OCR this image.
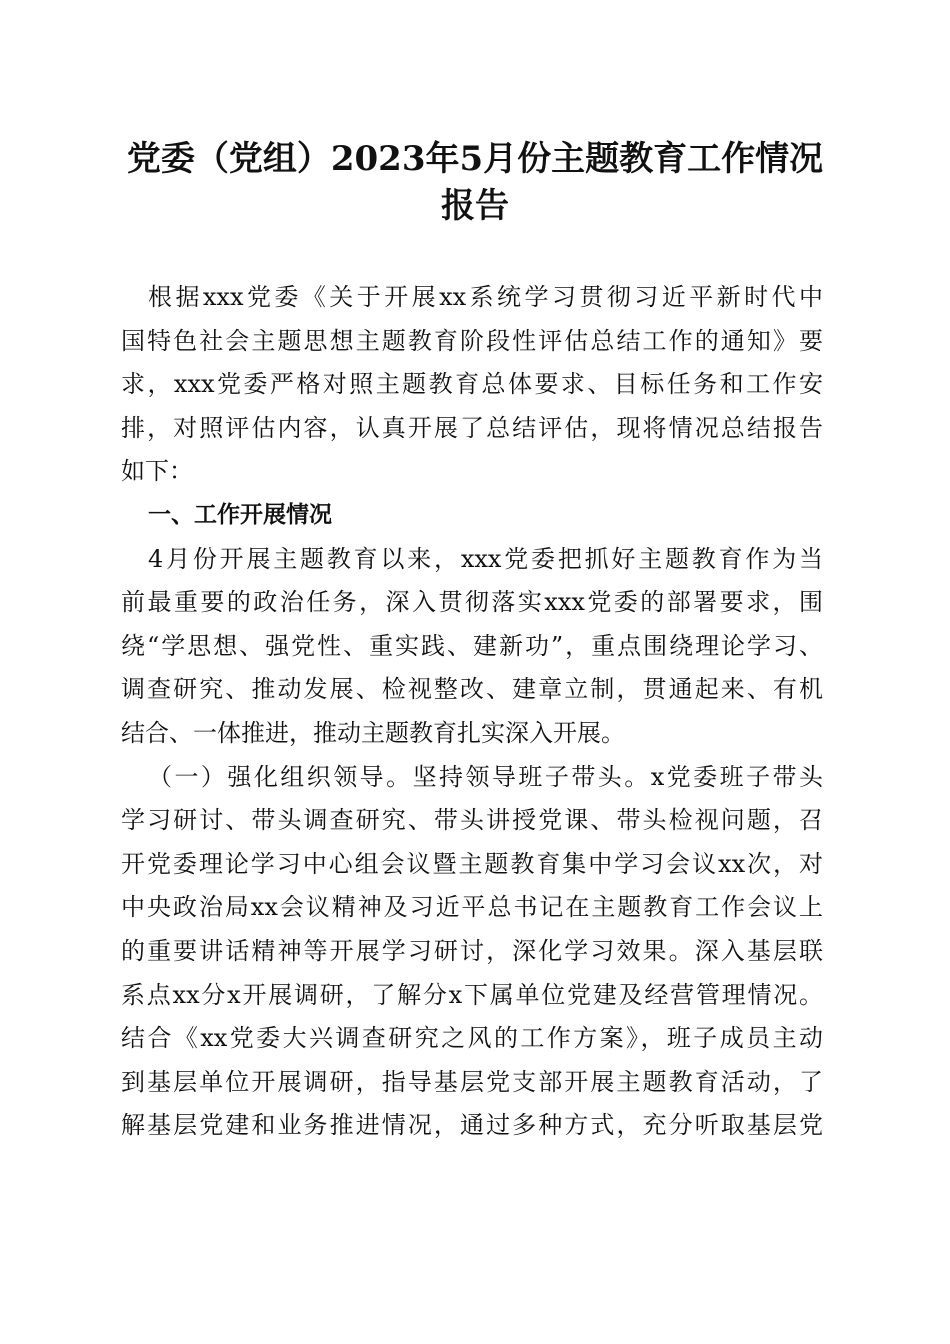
党委（党组）2023年5月份主题教育工作情况
报告
根据xxx党委《关于开展xx系统学习贯彻习近平新时代中
国特色社会主题思想主题教育阶段性评估总结工作的通知》要
求，xxx党委严格对照主题教育总体要求、目标任务和工作安
排，对照评估内容，认真开展了总结评估，现将情况总结报告
如下：
一、工作开展情况
4月份开展主题教育以来，xxx党委把抓好主题教育作为当
前最重要的政治任务，深入贯彻落实xxx党委的部署要求，围
绕“学思想、强党性、重实践、建新功”，重点围绕理论学习、
调查研究、推动发展、检视整改、建章立制，贯通起来、有机
结合、一体推进，推动主题教育扎实深入开展。
（一）强化组织领导。坚持领导班子带头。x党委班子带头
学习研讨、带头调查研究、带头讲授党课、带头检视问题，召
开党委理论学习中心组会议暨主题教育集中学习会议xx次，对
中央政治局xx会议精神及习近平总书记在主题教育工作会议上
的重要讲话精神等开展学习研讨，深化学习效果。深入基层联
系点xx分x开展调研，了解分x下属单位党建及经营管理情况。
结合《xx党委大兴调查研究之风的工作方案》，班子成员主动
到基层单位开展调研，指导基层党支部开展主题教育活动，了
解基层党建和业务推进情况，通过多种方式，充分听取基层党
